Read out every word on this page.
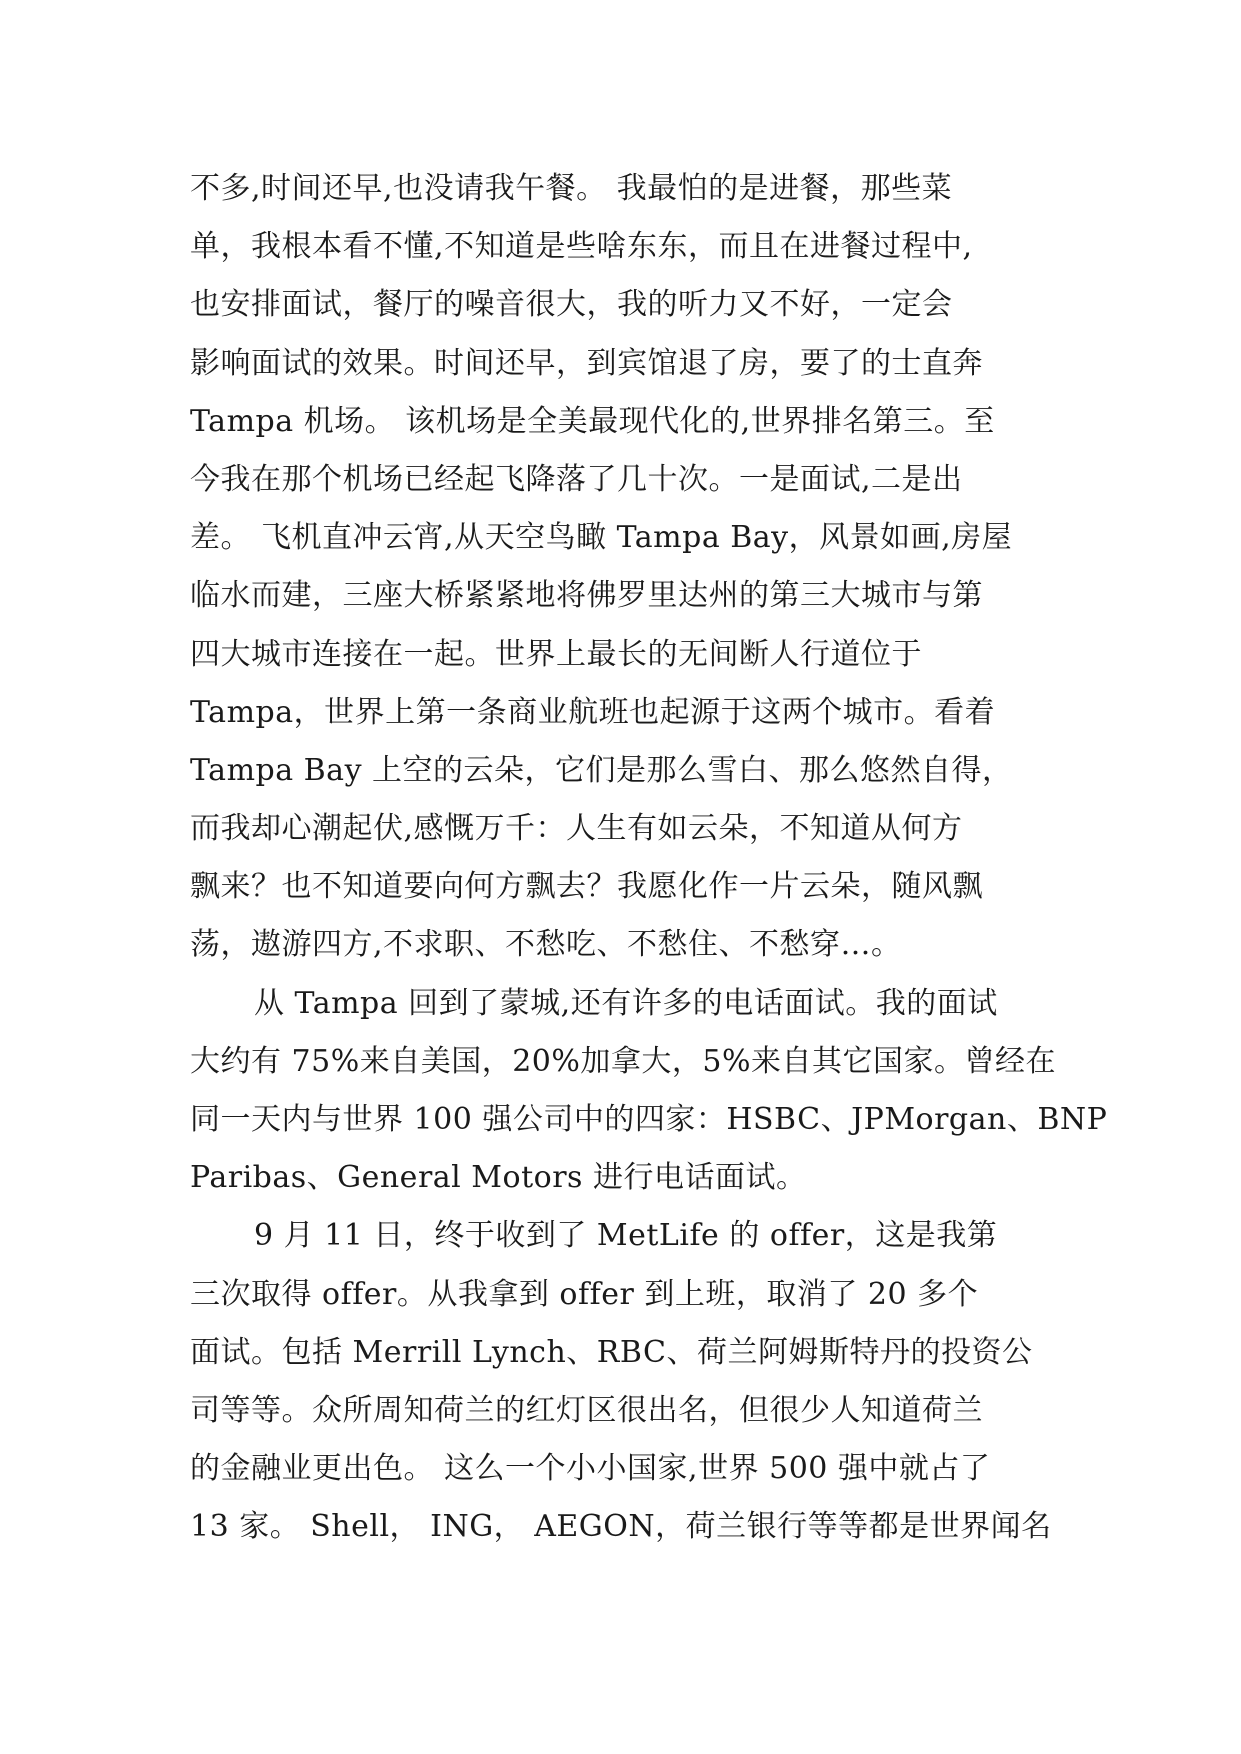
不多,时间还早,也没请我午餐。 我最怕的是进餐，那些菜
单，我根本看不懂,不知道是些啥东东，而且在进餐过程中,
也安排面试，餐厅的噪音很大，我的听力又不好，一定会
影响面试的效果。时间还早，到宾馆退了房，要了的士直奔
Tampa 机场。 该机场是全美最现代化的,世界排名第三。至
今我在那个机场已经起飞降落了几十次。一是面试,二是出
差。 飞机直冲云宵,从天空鸟瞰 Tampa Bay，风景如画,房屋
临水而建，三座大桥紧紧地将佛罗里达州的第三大城市与第
四大城市连接在一起。世界上最长的无间断人行道位于
Tampa，世界上第一条商业航班也起源于这两个城市。看着
Tampa Bay 上空的云朵，它们是那么雪白、那么悠然自得，
而我却心潮起伏,感慨万千：人生有如云朵，不知道从何方
飘来？也不知道要向何方飘去？我愿化作一片云朵，随风飘
荡，遨游四方,不求职、不愁吃、不愁住、不愁穿…。
从 Tampa 回到了蒙城,还有许多的电话面试。我的面试
大约有 75%来自美国，20%加拿大，5%来自其它国家。曾经在
同一天内与世界 100 强公司中的四家：HSBC、JPMorgan、BNP
Paribas、General Motors 进行电话面试。
9 月 11 日，终于收到了 MetLife 的 offer，这是我第
三次取得 offer。从我拿到 offer 到上班，取消了 20 多个
面试。包括 Merrill Lynch、RBC、荷兰阿姆斯特丹的投资公
司等等。众所周知荷兰的红灯区很出名，但很少人知道荷兰
的金融业更出色。 这么一个小小国家,世界 500 强中就占了
13 家。 Shell， ING， AEGON，荷兰银行等等都是世界闻名
